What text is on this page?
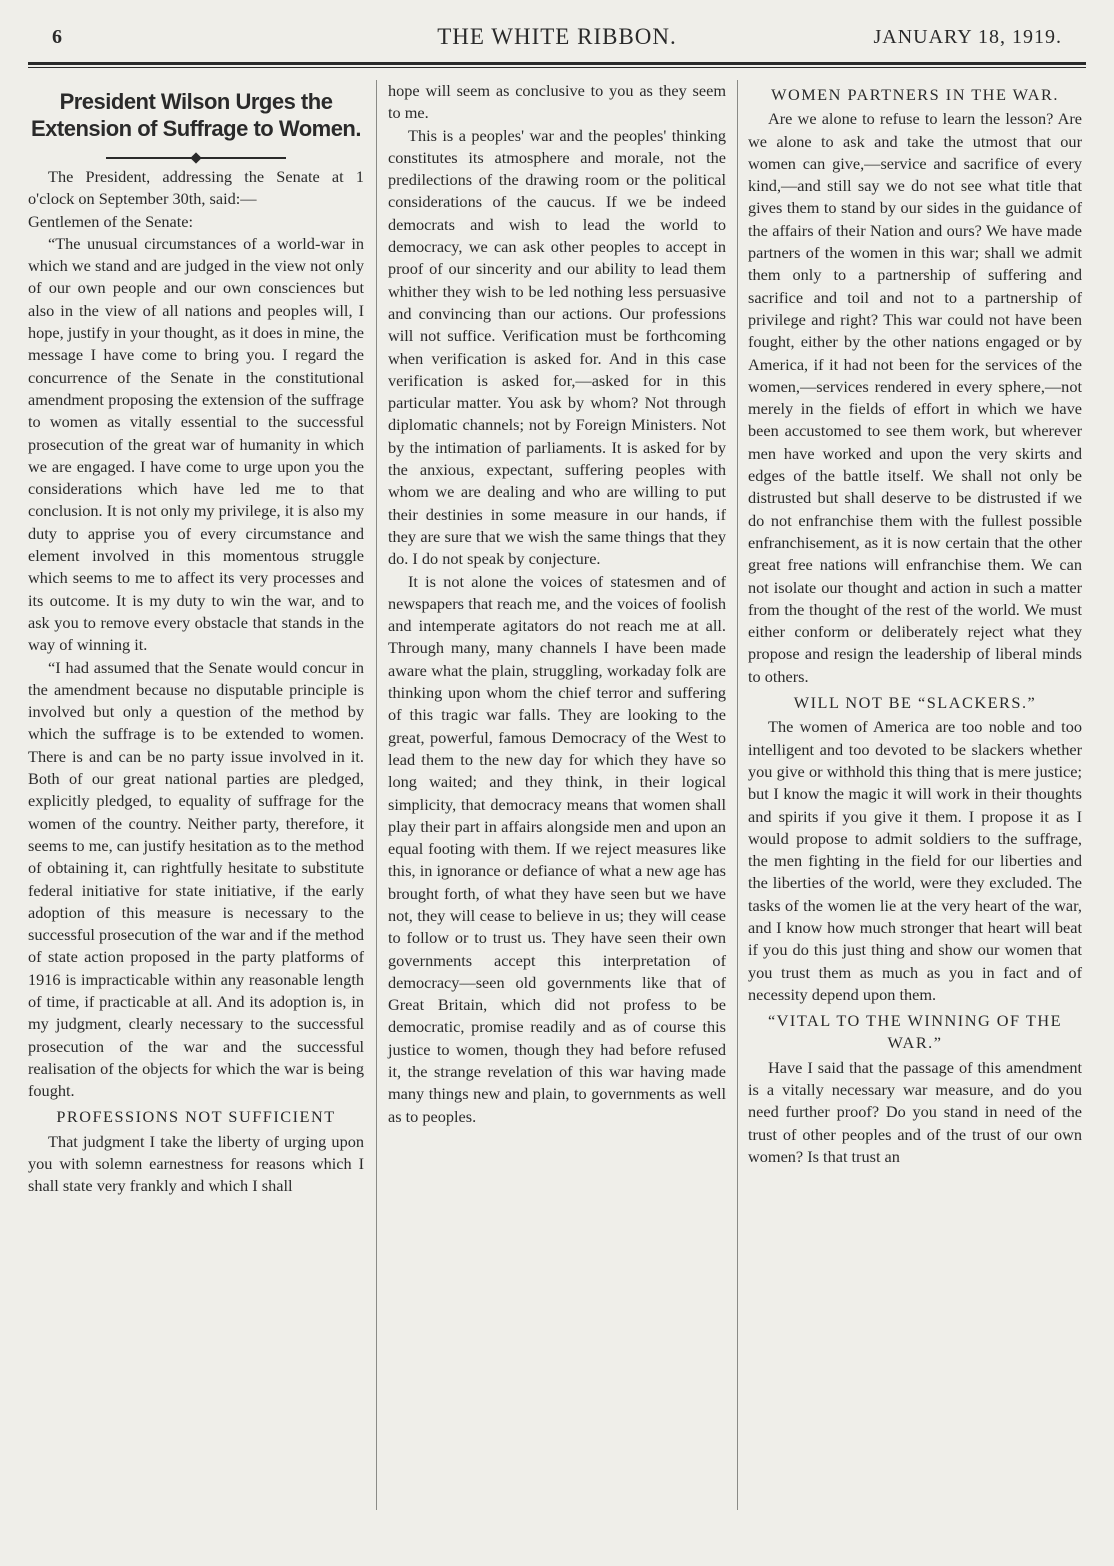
6	THE WHITE RIBBON.	JANUARY 18, 1919.
President Wilson Urges the Extension of Suffrage to Women.

The President, addressing the Senate at 1 o'clock on September 30th, said:—

Gentlemen of the Senate:

“The unusual circumstances of a world-war in which we stand and are judged in the view not only of our own people and our own consciences but also in the view of all nations and peoples will, I hope, justify in your thought, as it does in mine, the message I have come to bring you. I regard the concurrence of the Senate in the constitutional amendment proposing the extension of the suffrage to women as vitally essential to the successful prosecution of the great war of humanity in which we are engaged. I have come to urge upon you the considerations which have led me to that conclusion. It is not only my privilege, it is also my duty to apprise you of every circumstance and element involved in this momentous struggle which seems to me to affect its very processes and its outcome. It is my duty to win the war, and to ask you to remove every obstacle that stands in the way of winning it.

“I had assumed that the Senate would concur in the amendment because no disputable principle is involved but only a question of the method by which the suffrage is to be extended to women. There is and can be no party issue involved in it. Both of our great national parties are pledged, explicitly pledged, to equality of suffrage for the women of the country. Neither party, therefore, it seems to me, can justify hesitation as to the method of obtaining it, can rightfully hesitate to substitute federal initiative for state initiative, if the early adoption of this measure is necessary to the successful prosecution of the war and if the method of state action proposed in the party platforms of 1916 is impracticable within any reasonable length of time, if practicable at all. And its adoption is, in my judgment, clearly necessary to the successful prosecution of the war and the successful realisation of the objects for which the war is being fought.

PROFESSIONS NOT SUFFICIENT

That judgment I take the liberty of urging upon you with solemn earnestness for reasons which I shall state very frankly and which I shall

hope will seem as conclusive to you as they seem to me.

This is a peoples' war and the peoples' thinking constitutes its atmosphere and morale, not the predilections of the drawing room or the political considerations of the caucus. If we be indeed democrats and wish to lead the world to democracy, we can ask other peoples to accept in proof of our sincerity and our ability to lead them whither they wish to be led nothing less persuasive and convincing than our actions. Our professions will not suffice. Verification must be forthcoming when verification is asked for. And in this case verification is asked for,—asked for in this particular matter. You ask by whom? Not through diplomatic channels; not by Foreign Ministers. Not by the intimation of parliaments. It is asked for by the anxious, expectant, suffering peoples with whom we are dealing and who are willing to put their destinies in some measure in our hands, if they are sure that we wish the same things that they do. I do not speak by conjecture.

It is not alone the voices of statesmen and of newspapers that reach me, and the voices of foolish and intemperate agitators do not reach me at all. Through many, many channels I have been made aware what the plain, struggling, workaday folk are thinking upon whom the chief terror and suffering of this tragic war falls. They are looking to the great, powerful, famous Democracy of the West to lead them to the new day for which they have so long waited; and they think, in their logical simplicity, that democracy means that women shall play their part in affairs alongside men and upon an equal footing with them. If we reject measures like this, in ignorance or defiance of what a new age has brought forth, of what they have seen but we have not, they will cease to believe in us; they will cease to follow or to trust us. They have seen their own governments accept this interpretation of democracy—seen old governments like that of Great Britain, which did not profess to be democratic, promise readily and as of course this justice to women, though they had before refused it, the strange revelation of this war having made many things new and plain, to governments as well as to peoples.

WOMEN PARTNERS IN THE WAR.

Are we alone to refuse to learn the lesson? Are we alone to ask and take the utmost that our women can give,—service and sacrifice of every kind,—and still say we do not see what title that gives them to stand by our sides in the guidance of the affairs of their Nation and ours? We have made partners of the women in this war; shall we admit them only to a partnership of suffering and sacrifice and toil and not to a partnership of privilege and right? This war could not have been fought, either by the other nations engaged or by America, if it had not been for the services of the women,—services rendered in every sphere,—not merely in the fields of effort in which we have been accustomed to see them work, but wherever men have worked and upon the very skirts and edges of the battle itself. We shall not only be distrusted but shall deserve to be distrusted if we do not enfranchise them with the fullest possible enfranchisement, as it is now certain that the other great free nations will enfranchise them. We can not isolate our thought and action in such a matter from the thought of the rest of the world. We must either conform or deliberately reject what they propose and resign the leadership of liberal minds to others.

WILL NOT BE “SLACKERS.”

The women of America are too noble and too intelligent and too devoted to be slackers whether you give or withhold this thing that is mere justice; but I know the magic it will work in their thoughts and spirits if you give it them. I propose it as I would propose to admit soldiers to the suffrage, the men fighting in the field for our liberties and the liberties of the world, were they excluded. The tasks of the women lie at the very heart of the war, and I know how much stronger that heart will beat if you do this just thing and show our women that you trust them as much as you in fact and of necessity depend upon them.

“VITAL TO THE WINNING OF THE WAR.”

Have I said that the passage of this amendment is a vitally necessary war measure, and do you need further proof? Do you stand in need of the trust of other peoples and of the trust of our own women? Is that trust an
